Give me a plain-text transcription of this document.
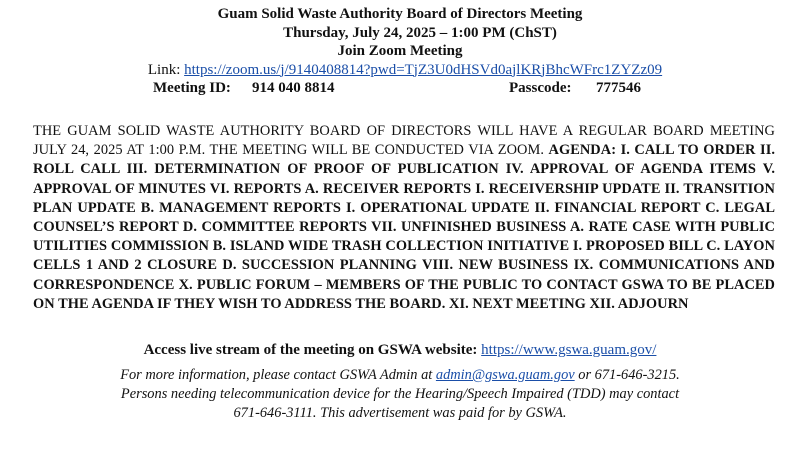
Guam Solid Waste Authority Board of Directors Meeting
Thursday, July 24, 2025 – 1:00 PM (ChST)
Join Zoom Meeting
Link: https://zoom.us/j/9140408814?pwd=TjZ3U0dHSVd0ajlKRjBhcWFrc1ZYZz09
Meeting ID: 914 040 8814	Passcode: 777546
THE GUAM SOLID WASTE AUTHORITY BOARD OF DIRECTORS WILL HAVE A REGULAR BOARD MEETING JULY 24, 2025 AT 1:00 P.M. THE MEETING WILL BE CONDUCTED VIA ZOOM. AGENDA: I. CALL TO ORDER II. ROLL CALL III. DETERMINATION OF PROOF OF PUBLICATION IV. APPROVAL OF AGENDA ITEMS V. APPROVAL OF MINUTES VI. REPORTS A. RECEIVER REPORTS I. RECEIVERSHIP UPDATE II. TRANSITION PLAN UPDATE B. MANAGEMENT REPORTS I. OPERATIONAL UPDATE II. FINANCIAL REPORT C. LEGAL COUNSEL’S REPORT D. COMMITTEE REPORTS VII. UNFINISHED BUSINESS A. RATE CASE WITH PUBLIC UTILITIES COMMISSION B. ISLAND WIDE TRASH COLLECTION INITIATIVE I. PROPOSED BILL C. LAYON CELLS 1 AND 2 CLOSURE D. SUCCESSION PLANNING VIII. NEW BUSINESS IX. COMMUNICATIONS AND CORRESPONDENCE X. PUBLIC FORUM – MEMBERS OF THE PUBLIC TO CONTACT GSWA TO BE PLACED ON THE AGENDA IF THEY WISH TO ADDRESS THE BOARD. XI. NEXT MEETING XII. ADJOURN
Access live stream of the meeting on GSWA website: https://www.gswa.guam.gov/
For more information, please contact GSWA Admin at admin@gswa.guam.gov or 671-646-3215.
Persons needing telecommunication device for the Hearing/Speech Impaired (TDD) may contact
671-646-3111. This advertisement was paid for by GSWA.
